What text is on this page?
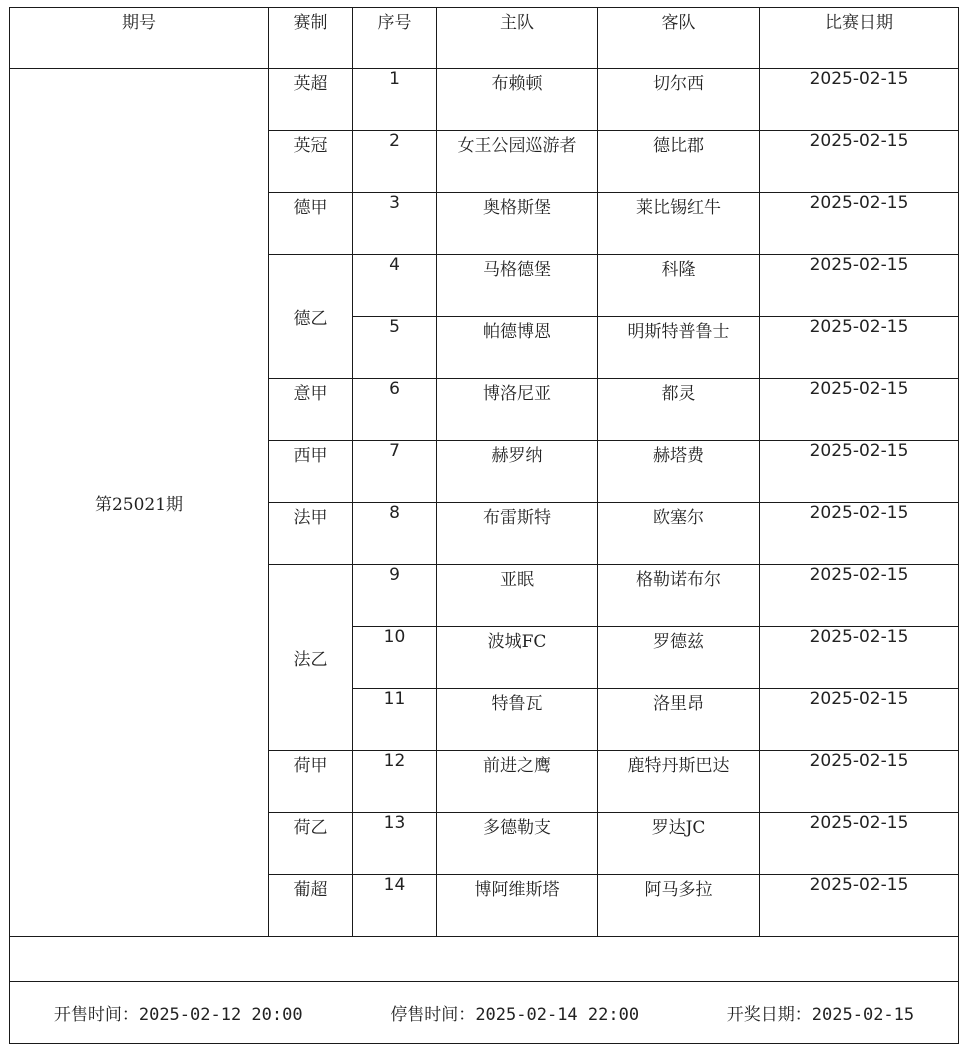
期号	赛制	序号	主队	客队	比赛日期
第25021期	英超	1	布赖顿	切尔西	2025-02-15
	英冠	2	女王公园巡游者	德比郡	2025-02-15
	德甲	3	奥格斯堡	莱比锡红牛	2025-02-15
	德乙	4	马格德堡	科隆	2025-02-15
		5	帕德博恩	明斯特普鲁士	2025-02-15
	意甲	6	博洛尼亚	都灵	2025-02-15
	西甲	7	赫罗纳	赫塔费	2025-02-15
	法甲	8	布雷斯特	欧塞尔	2025-02-15
	法乙	9	亚眠	格勒诺布尔	2025-02-15
		10	波城FC	罗德兹	2025-02-15
		11	特鲁瓦	洛里昂	2025-02-15
	荷甲	12	前进之鹰	鹿特丹斯巴达	2025-02-15
	荷乙	13	多德勒支	罗达JC	2025-02-15
	葡超	14	博阿维斯塔	阿马多拉	2025-02-15

开售时间：2025-02-12 20:00 停售时间：2025-02-14 22:00 开奖日期：2025-02-15					
